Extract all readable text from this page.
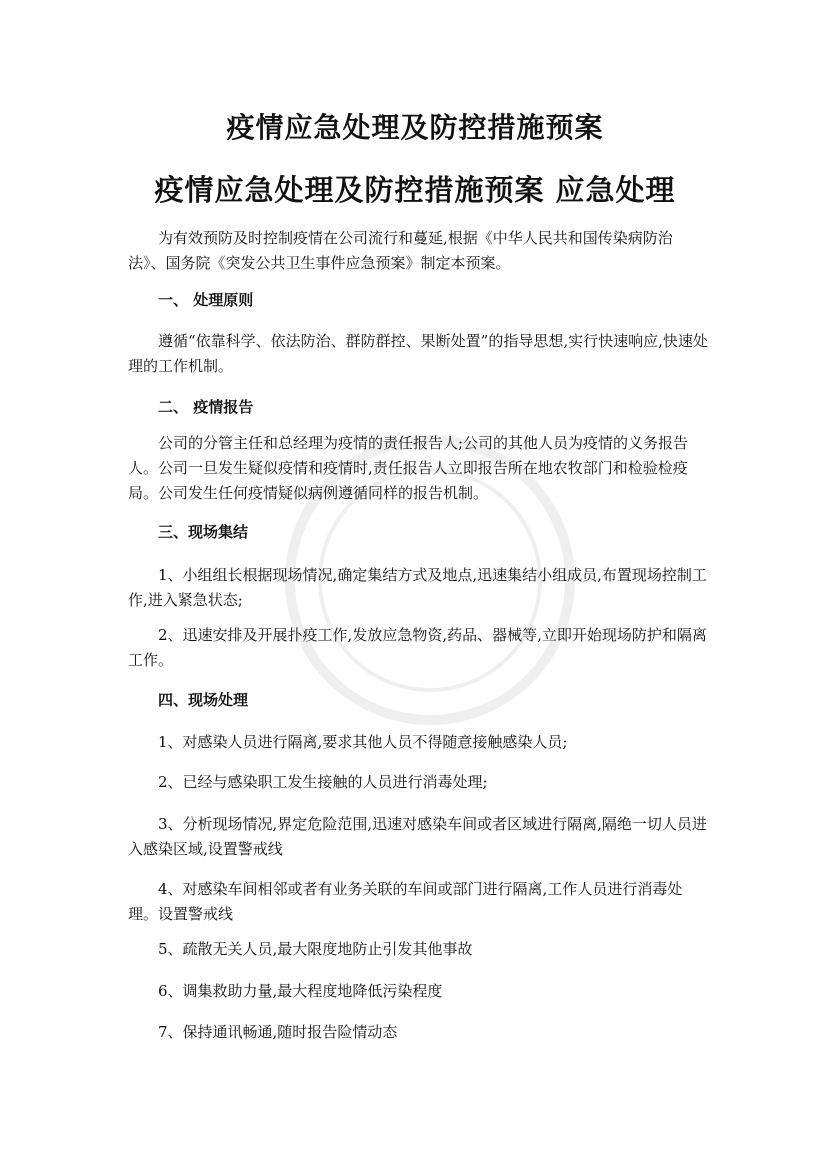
疫情应急处理及防控措施预案
疫情应急处理及防控措施预案 应急处理

为有效预防及时控制疫情在公司流行和蔓延,根据《中华人民共和国传染病防治法》、国务院《突发公共卫生事件应急预案》制定本预案。

一、 处理原则

遵循“依靠科学、依法防治、群防群控、果断处置”的指导思想,实行快速响应,快速处理的工作机制。

二、 疫情报告

公司的分管主任和总经理为疫情的责任报告人;公司的其他人员为疫情的义务报告人。公司一旦发生疑似疫情和疫情时,责任报告人立即报告所在地农牧部门和检验检疫局。公司发生任何疫情疑似病例遵循同样的报告机制。

三、现场集结

1、小组组长根据现场情况,确定集结方式及地点,迅速集结小组成员,布置现场控制工作,进入紧急状态;

2、迅速安排及开展扑疫工作,发放应急物资,药品、器械等,立即开始现场防护和隔离工作。

四、现场处理

1、对感染人员进行隔离,要求其他人员不得随意接触感染人员;

2、已经与感染职工发生接触的人员进行消毒处理;

3、分析现场情况,界定危险范围,迅速对感染车间或者区域进行隔离,隔绝一切人员进入感染区域,设置警戒线

4、对感染车间相邻或者有业务关联的车间或部门进行隔离,工作人员进行消毒处理。设置警戒线

5、疏散无关人员,最大限度地防止引发其他事故

6、调集救助力量,最大程度地降低污染程度

7、保持通讯畅通,随时报告险情动态
